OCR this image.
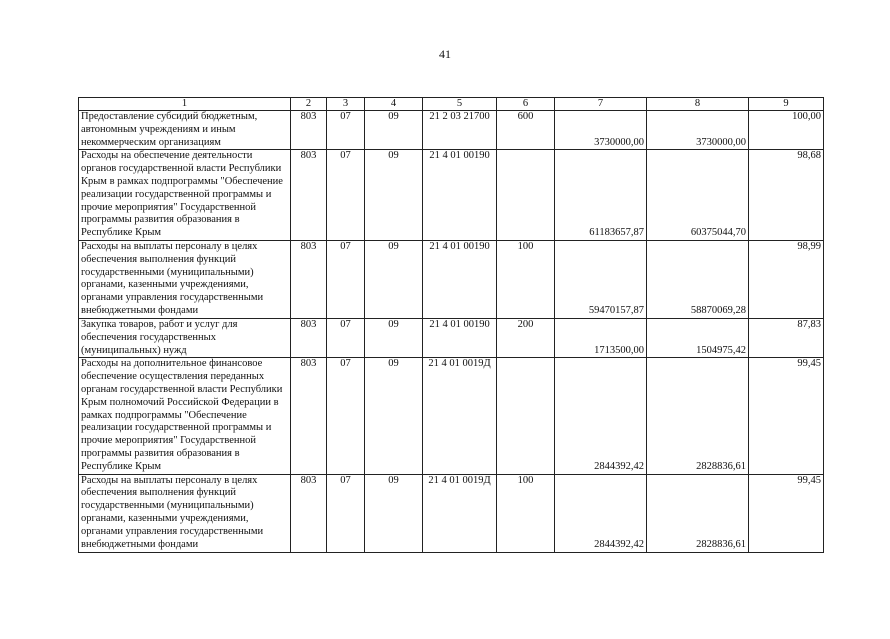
41
1	2	3	4	5	6	7	8	9
Предоставление субсидий бюджетным, автономным учреждениям и иным некоммерческим организациям	803	07	09	21 2 03 21700	600	3730000,00	3730000,00	100,00
Расходы на обеспечение деятельности органов государственной власти Республики Крым в рамках подпрограммы "Обеспечение реализации государственной программы и прочие мероприятия" Государственной программы развития образования в Республике Крым	803	07	09	21 4 01 00190		61183657,87	60375044,70	98,68
Расходы на выплаты персоналу в целях обеспечения выполнения функций государственными (муниципальными) органами, казенными учреждениями, органами управления государственными внебюджетными фондами	803	07	09	21 4 01 00190	100	59470157,87	58870069,28	98,99
Закупка товаров, работ и услуг для обеспечения государственных (муниципальных) нужд	803	07	09	21 4 01 00190	200	1713500,00	1504975,42	87,83
Расходы на дополнительное финансовое обеспечение осуществления переданных органам государственной власти Республики Крым полномочий Российской Федерации в рамках подпрограммы "Обеспечение реализации государственной программы и прочие мероприятия" Государственной программы развития образования в Республике Крым	803	07	09	21 4 01 0019Д		2844392,42	2828836,61	99,45
Расходы на выплаты персоналу в целях обеспечения выполнения функций государственными (муниципальными) органами, казенными учреждениями, органами управления государственными внебюджетными фондами	803	07	09	21 4 01 0019Д	100	2844392,42	2828836,61	99,45
